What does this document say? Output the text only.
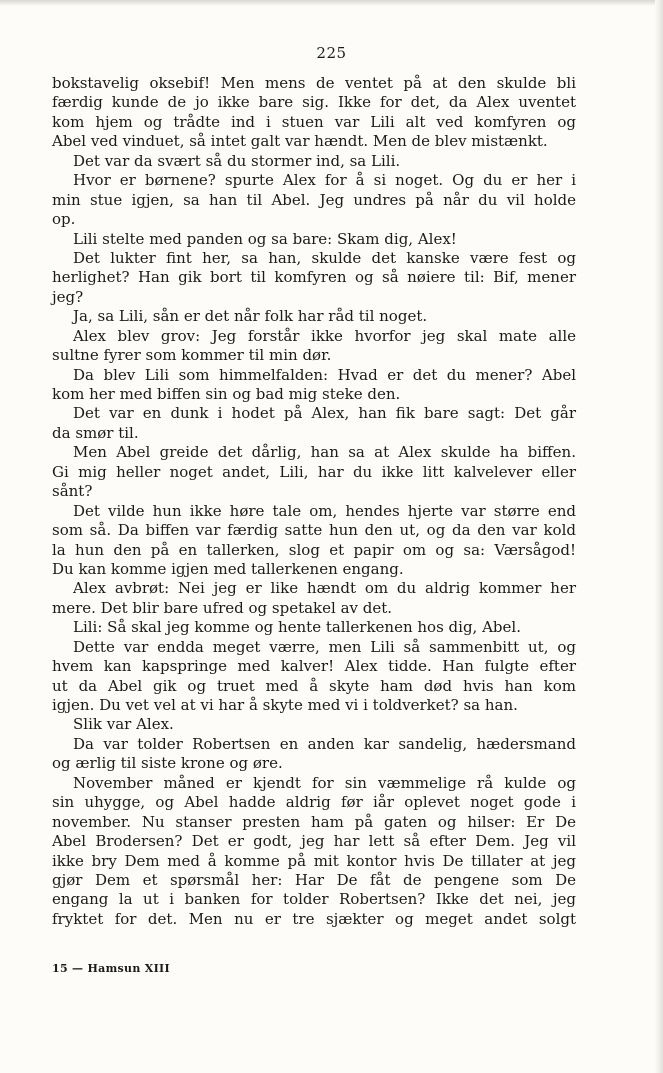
225
bokstavelig oksebif! Men mens de ventet på at den skulde bli
færdig kunde de jo ikke bare sig. Ikke for det, da Alex uventet
kom hjem og trådte ind i stuen var Lili alt ved komfyren og
Abel ved vinduet, så intet galt var hændt. Men de blev mistænkt.
Det var da svært så du stormer ind, sa Lili.
Hvor er børnene? spurte Alex for å si noget. Og du er her i
min stue igjen, sa han til Abel. Jeg undres på når du vil holde
op.
Lili stelte med panden og sa bare: Skam dig, Alex!
Det lukter fint her, sa han, skulde det kanske være fest og
herlighet? Han gik bort til komfyren og så nøiere til: Bif, mener
jeg?
Ja, sa Lili, sån er det når folk har råd til noget.
Alex blev grov: Jeg forstår ikke hvorfor jeg skal mate alle
sultne fyrer som kommer til min dør.
Da blev Lili som himmelfalden: Hvad er det du mener? Abel
kom her med biffen sin og bad mig steke den.
Det var en dunk i hodet på Alex, han fik bare sagt: Det går
da smør til.
Men Abel greide det dårlig, han sa at Alex skulde ha biffen.
Gi mig heller noget andet, Lili, har du ikke litt kalvelever eller
sånt?
Det vilde hun ikke høre tale om, hendes hjerte var større end
som så. Da biffen var færdig satte hun den ut, og da den var kold
la hun den på en tallerken, slog et papir om og sa: Værsågod!
Du kan komme igjen med tallerkenen engang.
Alex avbrøt: Nei jeg er like hændt om du aldrig kommer her
mere. Det blir bare ufred og spetakel av det.
Lili: Så skal jeg komme og hente tallerkenen hos dig, Abel.
Dette var endda meget værre, men Lili så sammenbitt ut, og
hvem kan kapspringe med kalver! Alex tidde. Han fulgte efter
ut da Abel gik og truet med å skyte ham død hvis han kom
igjen. Du vet vel at vi har å skyte med vi i toldverket? sa han.
Slik var Alex.
Da var tolder Robertsen en anden kar sandelig, hædersmand
og ærlig til siste krone og øre.
November måned er kjendt for sin væmmelige rå kulde og
sin uhygge, og Abel hadde aldrig før iår oplevet noget gode i
november. Nu stanser presten ham på gaten og hilser: Er De
Abel Brodersen? Det er godt, jeg har lett så efter Dem. Jeg vil
ikke bry Dem med å komme på mit kontor hvis De tillater at jeg
gjør Dem et spørsmål her: Har De fåt de pengene som De
engang la ut i banken for tolder Robertsen? Ikke det nei, jeg
fryktet for det. Men nu er tre sjækter og meget andet solgt
15 — Hamsun XIII
